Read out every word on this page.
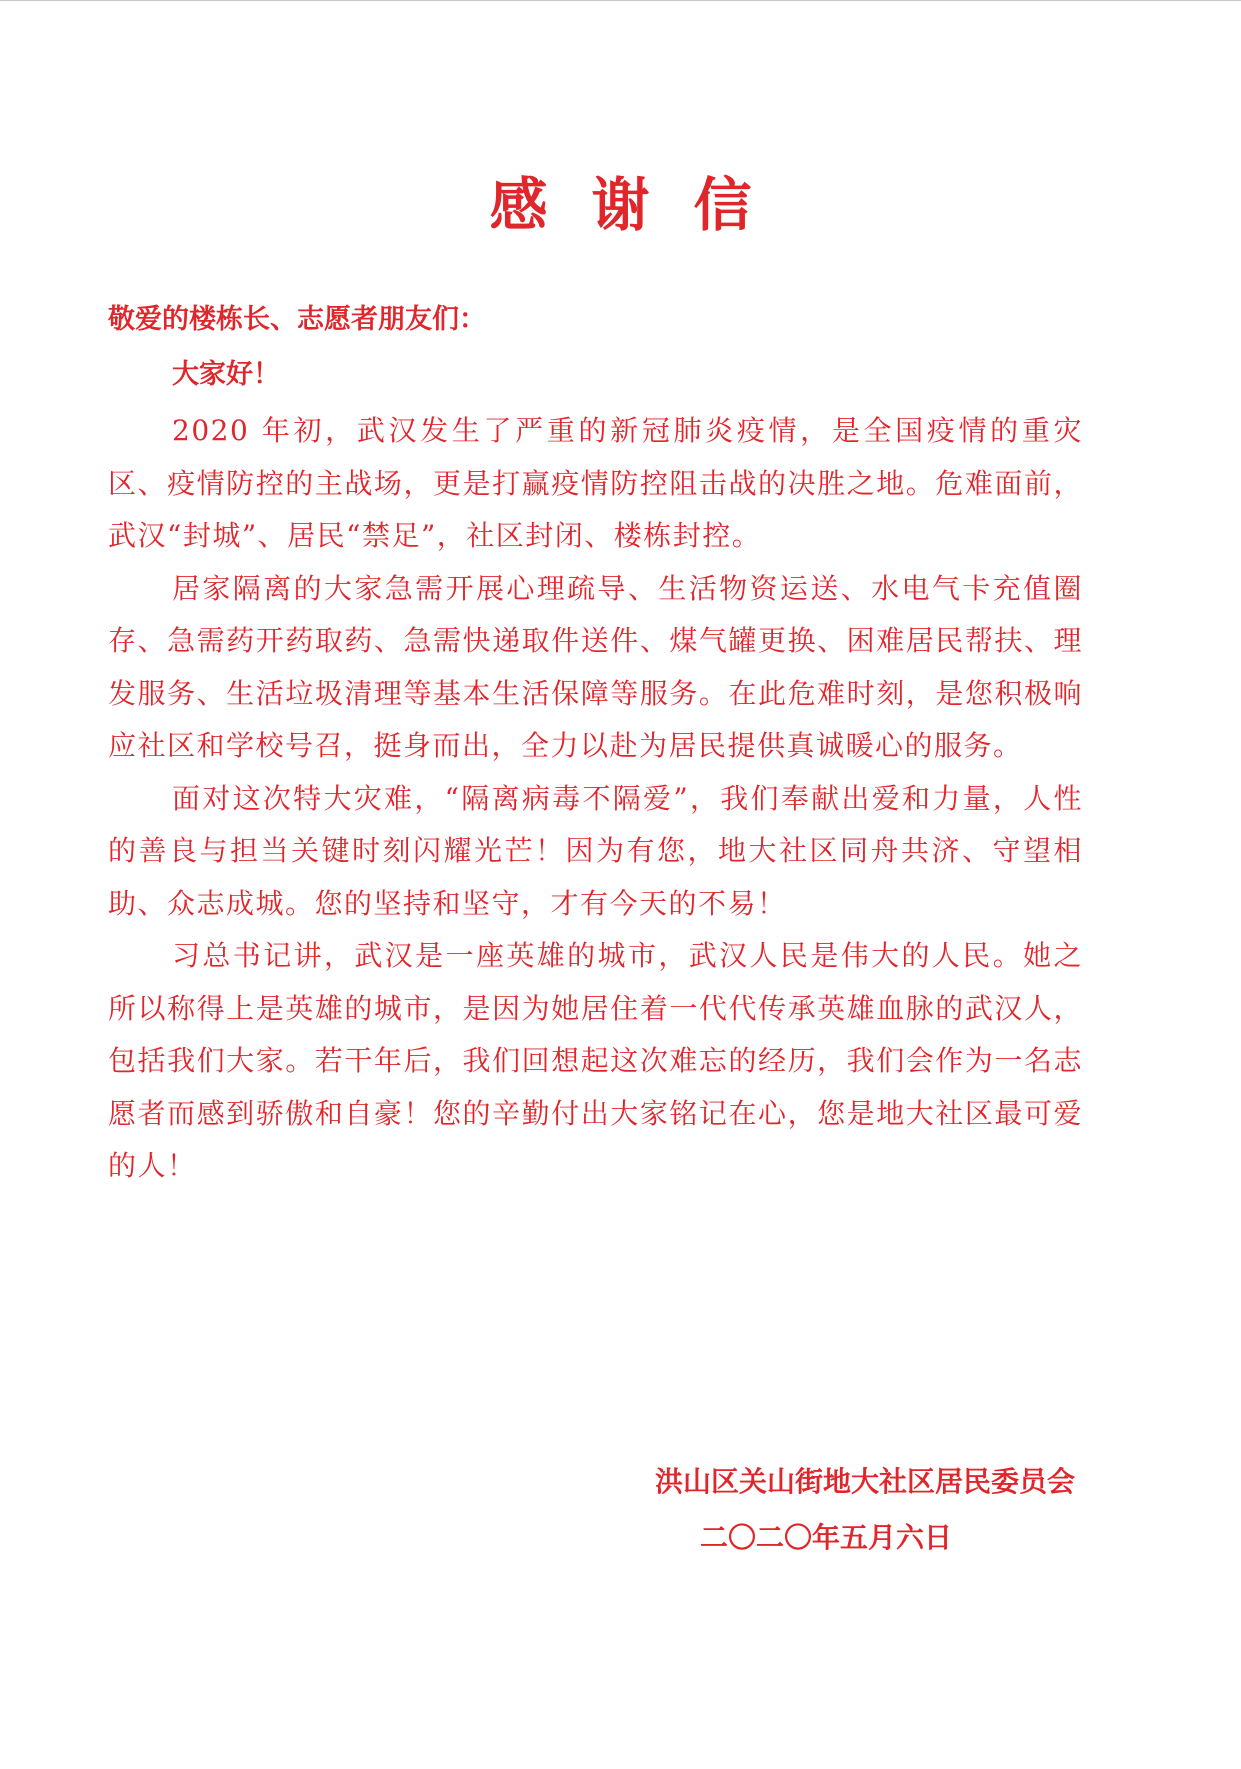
感谢信
敬爱的楼栋长、志愿者朋友们：
大家好！

2020 年初，武汉发生了严重的新冠肺炎疫情，是全国疫情的重灾区、疫情防控的主战场，更是打赢疫情防控阻击战的决胜之地。危难面前，武汉“封城”、居民“禁足”，社区封闭、楼栋封控。

居家隔离的大家急需开展心理疏导、生活物资运送、水电气卡充值圈存、急需药开药取药、急需快递取件送件、煤气罐更换、困难居民帮扶、理发服务、生活垃圾清理等基本生活保障等服务。在此危难时刻，是您积极响应社区和学校号召，挺身而出，全力以赴为居民提供真诚暖心的服务。

面对这次特大灾难，“隔离病毒不隔爱”，我们奉献出爱和力量，人性的善良与担当关键时刻闪耀光芒！因为有您，地大社区同舟共济、守望相助、众志成城。您的坚持和坚守，才有今天的不易！

习总书记讲，武汉是一座英雄的城市，武汉人民是伟大的人民。她之所以称得上是英雄的城市，是因为她居住着一代代传承英雄血脉的武汉人，包括我们大家。若干年后，我们回想起这次难忘的经历，我们会作为一名志愿者而感到骄傲和自豪！您的辛勤付出大家铭记在心，您是地大社区最可爱的人！

洪山区关山街地大社区居民委员会
二〇二〇年五月六日
